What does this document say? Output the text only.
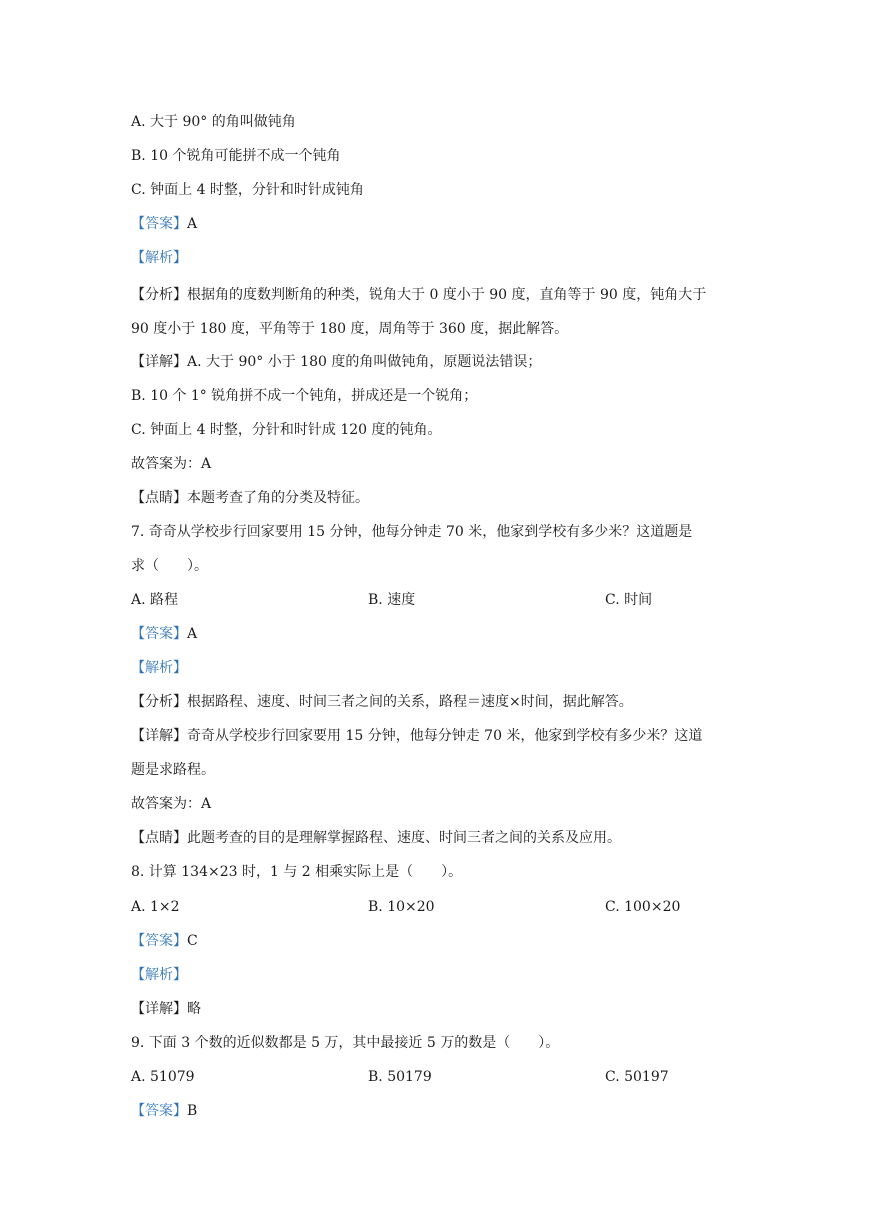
A. 大于 90° 的角叫做钝角
B. 10 个锐角可能拼不成一个钝角
C. 钟面上 4 时整，分针和时针成钝角
【答案】A
【解析】
【分析】根据角的度数判断角的种类，锐角大于 0 度小于 90 度，直角等于 90 度，钝角大于
90 度小于 180 度，平角等于 180 度，周角等于 360 度，据此解答。
【详解】A. 大于 90° 小于 180 度的角叫做钝角，原题说法错误；
B. 10 个 1° 锐角拼不成一个钝角，拼成还是一个锐角；
C. 钟面上 4 时整，分针和时针成 120 度的钝角。
故答案为：A
【点睛】本题考查了角的分类及特征。
7. 奇奇从学校步行回家要用 15 分钟，他每分钟走 70 米，他家到学校有多少米？这道题是
求（　　）。
A. 路程	B. 速度	C. 时间
【答案】A
【解析】
【分析】根据路程、速度、时间三者之间的关系，路程＝速度×时间，据此解答。
【详解】奇奇从学校步行回家要用 15 分钟，他每分钟走 70 米，他家到学校有多少米？这道
题是求路程。
故答案为：A
【点睛】此题考查的目的是理解掌握路程、速度、时间三者之间的关系及应用。
8. 计算 134×23 时，1 与 2 相乘实际上是（　　）。
A. 1×2	B. 10×20	C. 100×20
【答案】C
【解析】
【详解】略
9. 下面 3 个数的近似数都是 5 万，其中最接近 5 万的数是（　　）。
A. 51079	B. 50179	C. 50197
【答案】B
